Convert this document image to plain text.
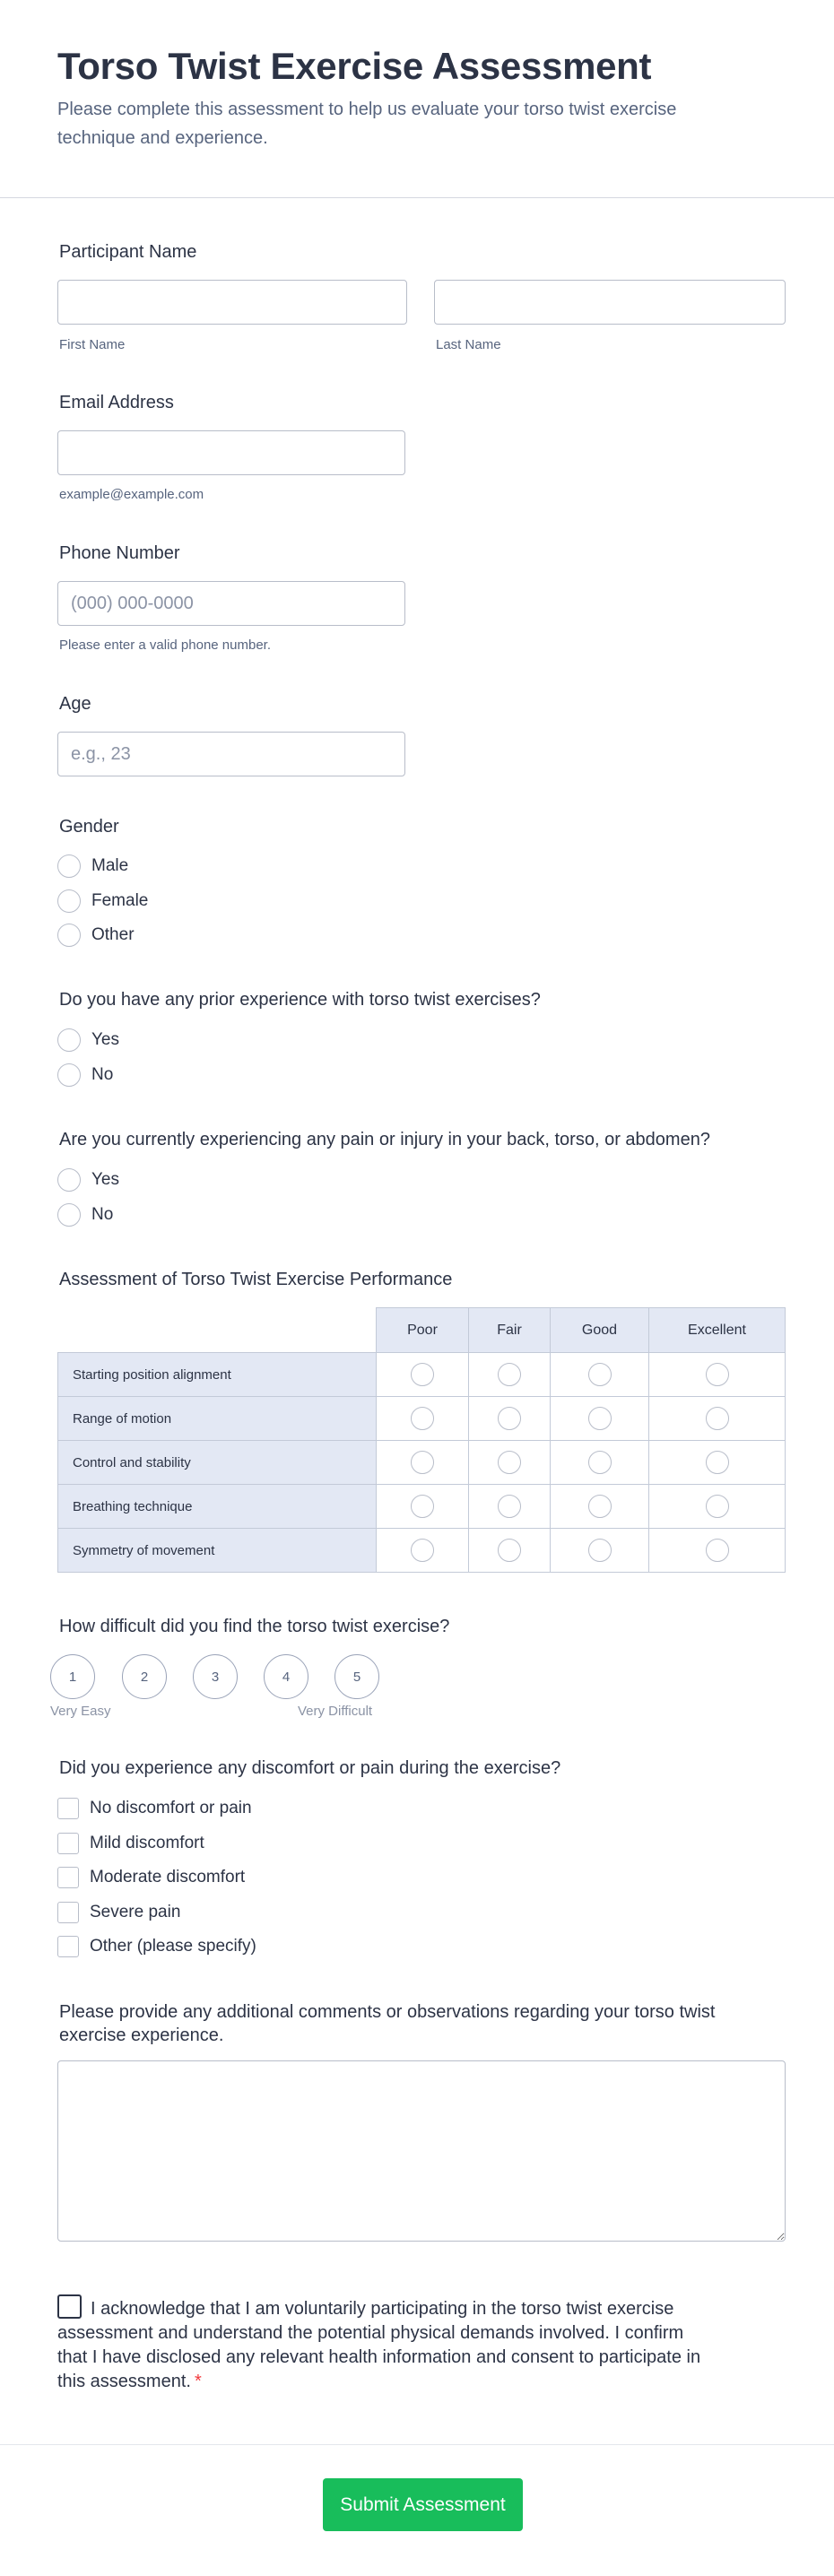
Torso Twist Exercise Assessment
Please complete this assessment to help us evaluate your torso twist exercise technique and experience.
Participant Name
First Name	Last Name
Email Address
example@example.com
Phone Number
(000) 000-0000
Please enter a valid phone number.
Age
e.g., 23
Gender
Male
Female
Other
Do you have any prior experience with torso twist exercises?
Yes
No
Are you currently experiencing any pain or injury in your back, torso, or abdomen?
Yes
No
Assessment of Torso Twist Exercise Performance
	Poor	Fair	Good	Excellent
Starting position alignment				
Range of motion				
Control and stability				
Breathing technique				
Symmetry of movement				
How difficult did you find the torso twist exercise?
1	2	3	4	5
Very Easy	Very Difficult
Did you experience any discomfort or pain during the exercise?
No discomfort or pain
Mild discomfort
Moderate discomfort
Severe pain
Other (please specify)
Please provide any additional comments or observations regarding your torso twist exercise experience.
I acknowledge that I am voluntarily participating in the torso twist exercise assessment and understand the potential physical demands involved. I confirm that I have disclosed any relevant health information and consent to participate in this assessment. *
Submit Assessment
